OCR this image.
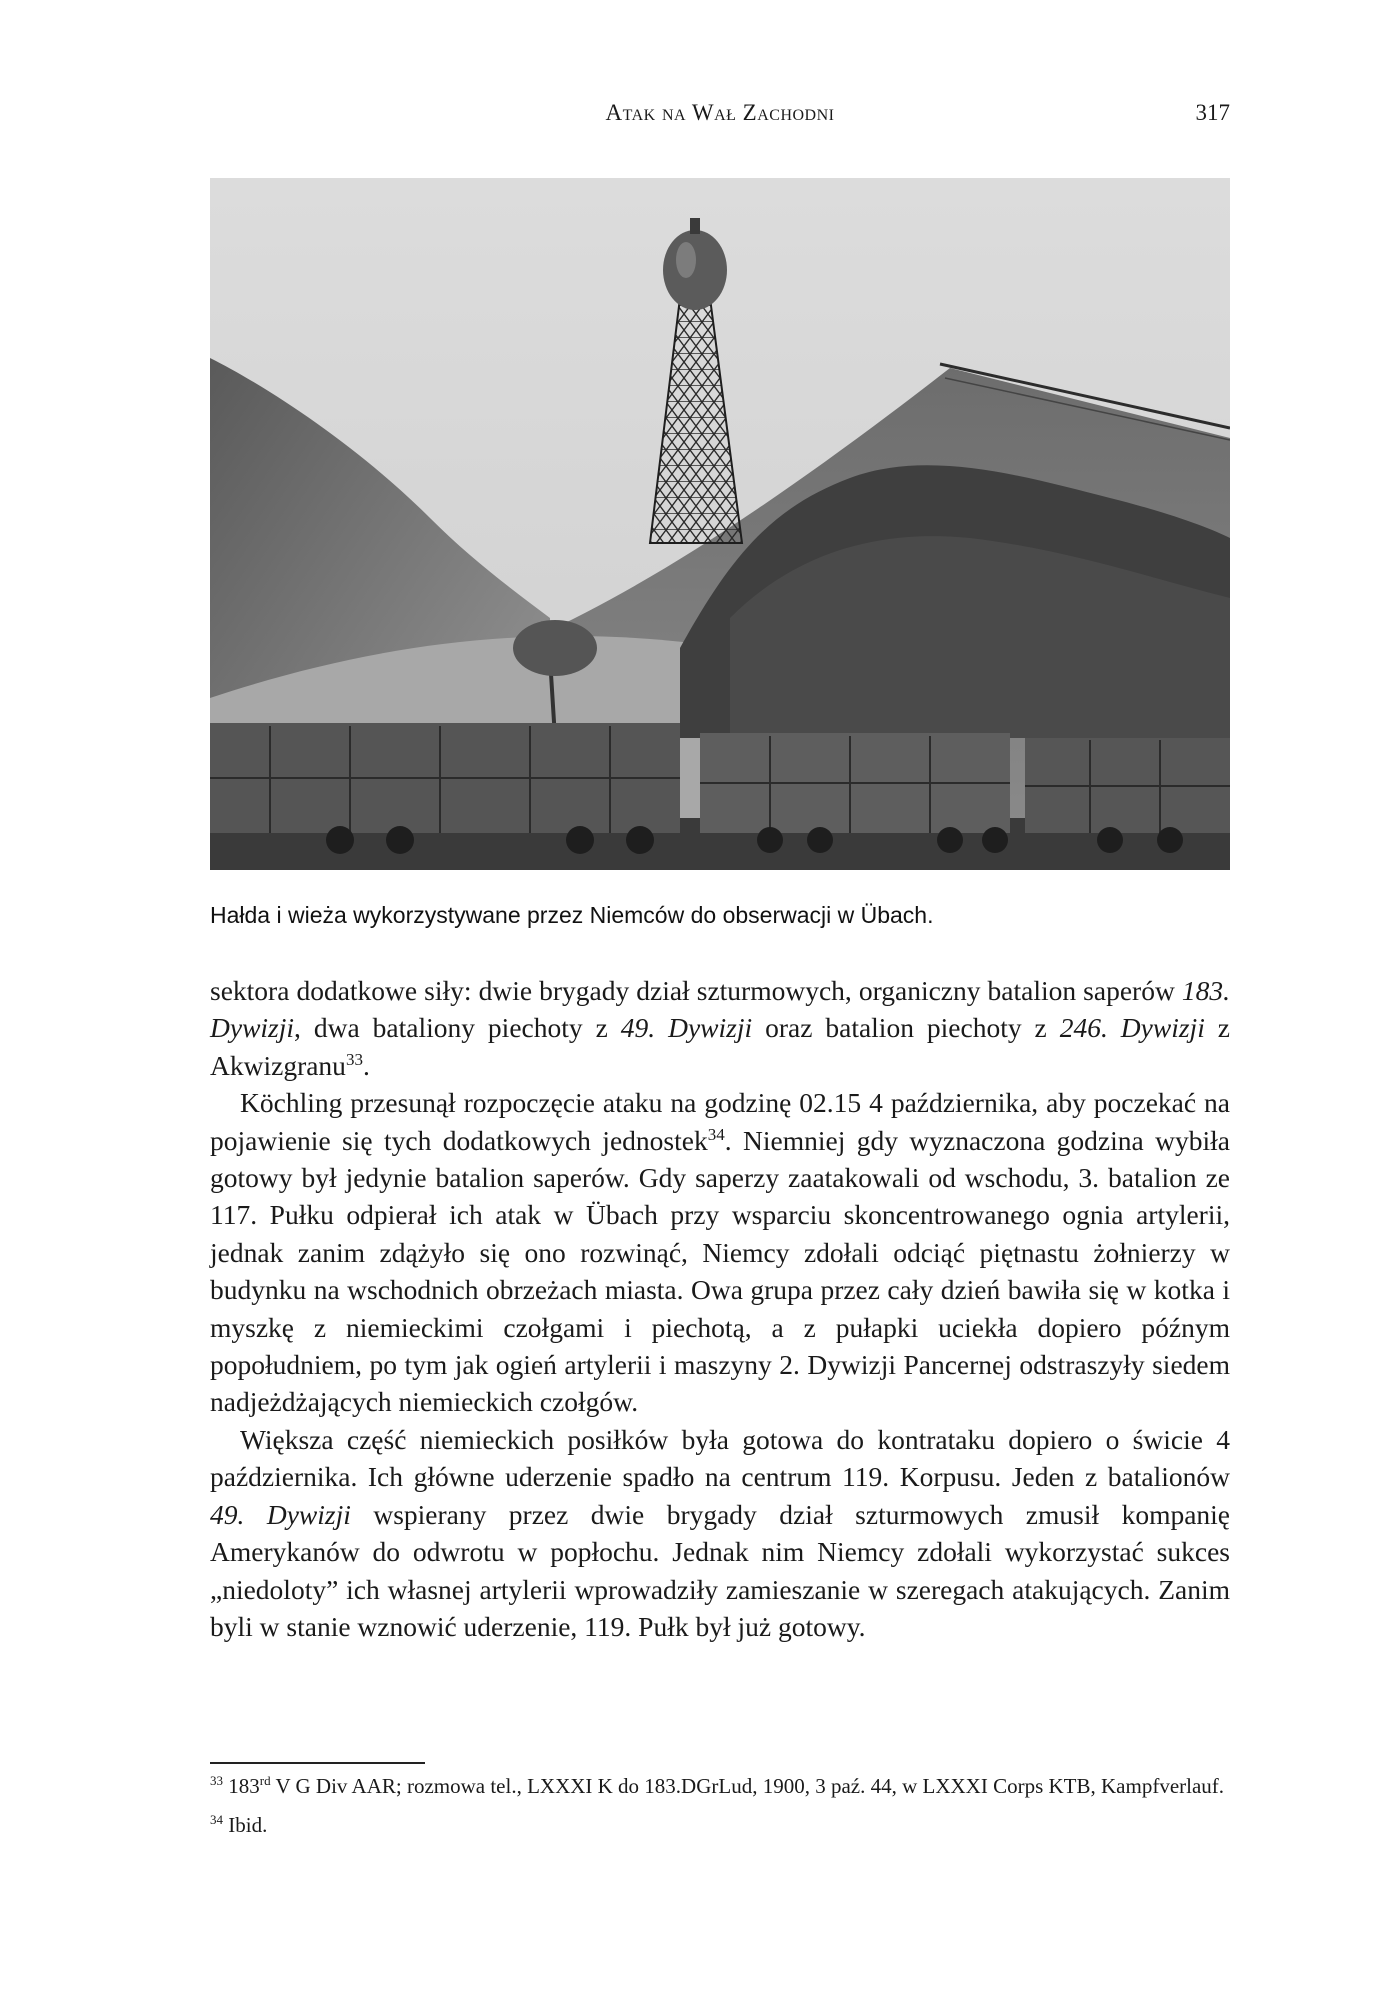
Atak na Wał Zachodni	317
Hałda i wieża wykorzystywane przez Niemców do obserwacji w Übach.

sektora dodatkowe siły: dwie brygady dział szturmowych, organiczny batalion saperów 183. Dywizji, dwa bataliony piechoty z 49. Dywizji oraz batalion piechoty z 246. Dywizji z Akwizgranu$^{33}$.

Köchling przesunął rozpoczęcie ataku na godzinę 02.15 4 października, aby poczekać na pojawienie się tych dodatkowych jednostek$^{34}$. Niemniej gdy wyznaczona godzina wybiła gotowy był jedynie batalion saperów. Gdy saperzy zaatakowali od wschodu, 3. batalion ze 117. Pułku odpierał ich atak w Übach przy wsparciu skoncentrowanego ognia artylerii, jednak zanim zdążyło się ono rozwinąć, Niemcy zdołali odciąć piętnastu żołnierzy w budynku na wschodnich obrzeżach miasta. Owa grupa przez cały dzień bawiła się w kotka i myszkę z niemieckimi czołgami i piechotą, a z pułapki uciekła dopiero późnym popołudniem, po tym jak ogień artylerii i maszyny 2. Dywizji Pancernej odstraszyły siedem nadjeżdżających niemieckich czołgów.

Większa część niemieckich posiłków była gotowa do kontrataku dopiero o świcie 4 października. Ich główne uderzenie spadło na centrum 119. Korpusu. Jeden z batalionów 49. Dywizji wspierany przez dwie brygady dział szturmowych zmusił kompanię Amerykanów do odwrotu w popłochu. Jednak nim Niemcy zdołali wykorzystać sukces „niedoloty” ich własnej artylerii wprowadziły zamieszanie w szeregach atakujących. Zanim byli w stanie wznowić uderzenie, 119. Pułk był już gotowy.

$^{33}$ 183rd V G Div AAR; rozmowa tel., LXXXI K do 183.DGrLud, 1900, 3 paź. 44, w LXXXI Corps KTB, Kampfverlauf.

$^{34}$ Ibid.
